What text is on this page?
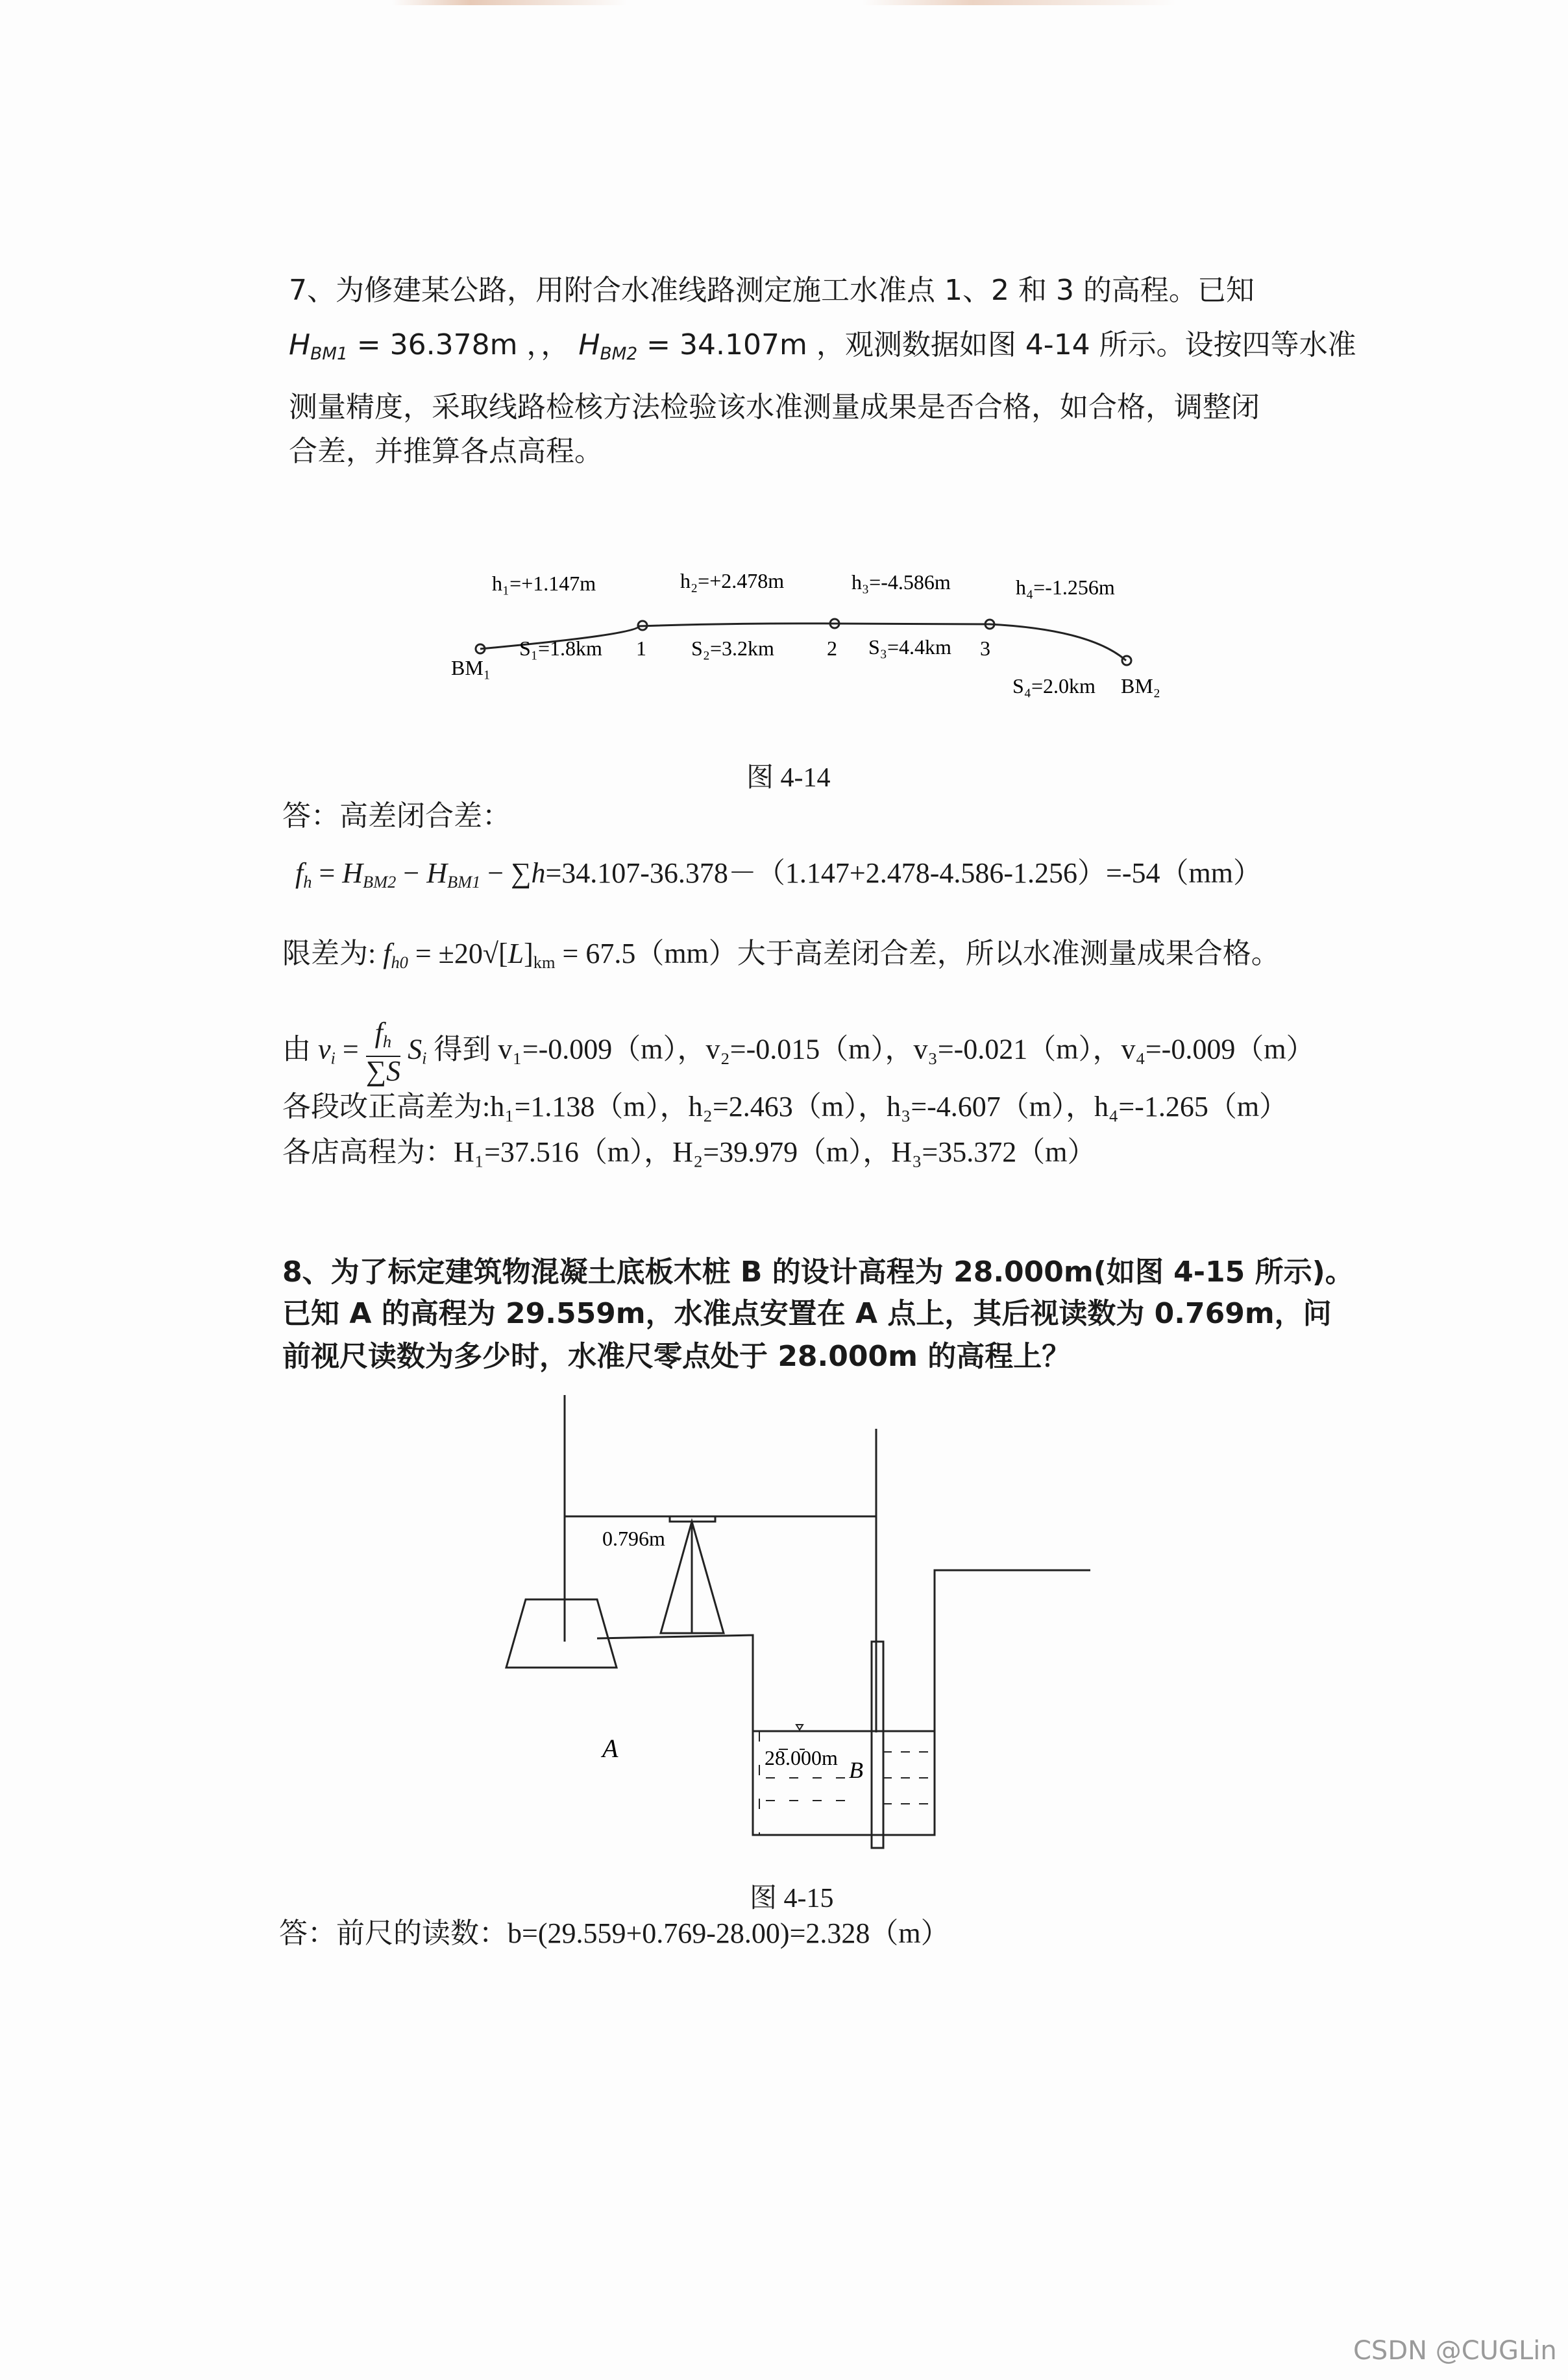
7、为修建某公路，用附合水准线路测定施工水准点 1、2 和 3 的高程。已知
$H_{BM1} = 36.378m$ ，， $H_{BM2} = 34.107m$ ，观测数据如图 4-14 所示。设按四等水准
测量精度，采取线路检核方法检验该水准测量成果是否合格，如合格，调整闭
合差，并推算各点高程。
h₁=+1.147m	h₂=+2.478m	h₃=-4.586m	h₄=-1.256m
S₁=1.8km	S₂=3.2km	S₃=4.4km
S₄=2.0km
BM₁
BM₂
1	2	3
图 4-14
答：高差闭合差：
$f_h = H_{BM2} - H_{BM1} - \sum h=34.107-36.378-(1.147+2.478-4.586-1.256)=-54(mm)$
限差为: $f_{h0} = \pm 20√[L]_{km} = 67.5(mm)$大于高差闭合差，所以水准测量成果合格。
由 $v_i = \frac{f_h}{\sum S} S_i$ 得到 v₁=-0.009（m），v₂=-0.015（m），v₃=-0.021（m），v₄=-0.009（m）
各段改正高差为:h₁=1.138（m），h₂=2.463（m），h₃=-4.607（m），h₄=-1.265（m）
各店高程为：H₁=37.516（m），H₂=39.979（m），H₃=35.372（m）
8、为了标定建筑物混凝土底板木桩 B 的设计高程为 28.000m(如图 4-15 所示)。
已知 A 的高程为 29.559m，水准点安置在 A 点上，其后视读数为 0.769m，问
前视尺读数为多少时，水准尺零点处于 28.000m 的高程上？
0.796m
A	28.000m B
图 4-15
答：前尺的读数：b=(29.559+0.769-28.00)=2.328（m）
CSDN @CUGLin
